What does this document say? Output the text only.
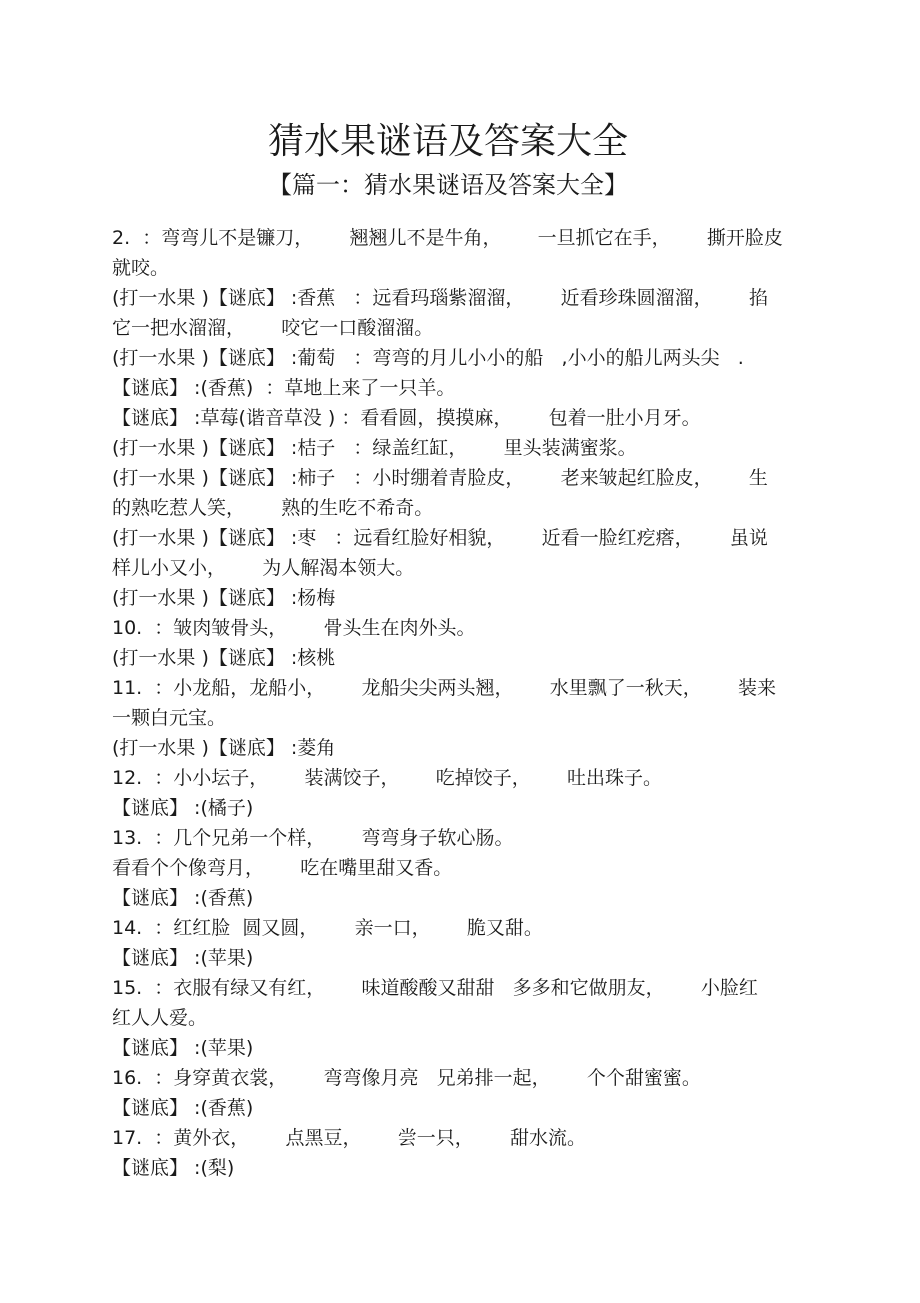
猜水果谜语及答案大全
【篇一：猜水果谜语及答案大全】
2.  ：弯弯儿不是镰刀，      翘翘儿不是牛角，      一旦抓它在手，      撕开脸皮
就咬。
(打一水果 )【谜底】 :香蕉   ：远看玛瑙紫溜溜，      近看珍珠圆溜溜，      掐
它一把水溜溜，      咬它一口酸溜溜。
(打一水果 )【谜底】 :葡萄   ：弯弯的月儿小小的船   ,小小的船儿两头尖   .
【谜底】 :(香蕉)  ：草地上来了一只羊。
【谜底】 :草莓(谐音草没 ) ：看看圆，摸摸麻，      包着一肚小月牙。
(打一水果 )【谜底】 :桔子   ：绿盖红缸，      里头装满蜜浆。
(打一水果 )【谜底】 :柿子   ：小时绷着青脸皮，      老来皱起红脸皮，      生
的熟吃惹人笑，      熟的生吃不希奇。
(打一水果 )【谜底】 :枣   ：远看红脸好相貌，      近看一脸红疙瘩，      虽说
样儿小又小，      为人解渴本领大。
(打一水果 )【谜底】 :杨梅
10.  ：皱肉皱骨头，      骨头生在肉外头。
(打一水果 )【谜底】 :核桃
11.  ：小龙船，龙船小，      龙船尖尖两头翘，      水里飘了一秋天，      装来
一颗白元宝。
(打一水果 )【谜底】 :菱角
12.  ：小小坛子，      装满饺子，      吃掉饺子，      吐出珠子。
【谜底】 :(橘子)
13.  ：几个兄弟一个样，      弯弯身子软心肠。
看看个个像弯月，      吃在嘴里甜又香。
【谜底】 :(香蕉)
14.  ：红红脸  圆又圆，      亲一口，      脆又甜。
【谜底】 :(苹果)
15.  ：衣服有绿又有红，      味道酸酸又甜甜   多多和它做朋友，      小脸红
红人人爱。
【谜底】 :(苹果)
16.  ：身穿黄衣裳，      弯弯像月亮   兄弟排一起，      个个甜蜜蜜。
【谜底】 :(香蕉)
17.  ：黄外衣，      点黑豆，      尝一只，      甜水流。
【谜底】 :(梨)
